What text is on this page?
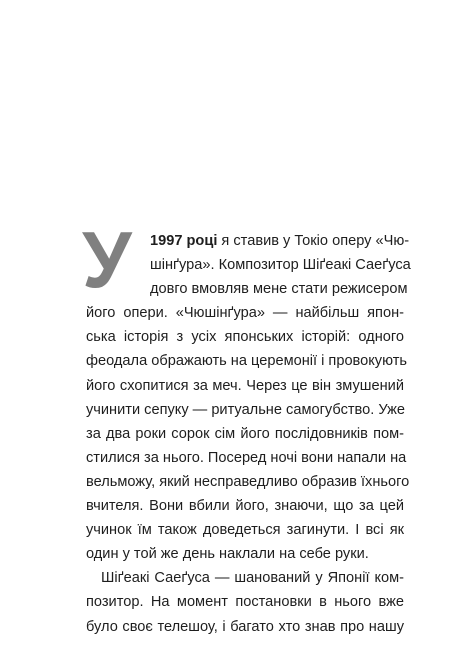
У	1997 році я ставив у Токіо оперу «Чю-
шінґура». Композитор Шіґеакі Саеґуса
довго вмовляв мене стати режисером
його опери. «Чюшінґура» — найбільш япон-
ська історія з усіх японських історій: одного
феодала ображають на церемонії і провокують
його схопитися за меч. Через це він змушений
учинити сепуку — ритуальне самогубство. Уже
за два роки сорок сім його послідовників пом-
стилися за нього. Посеред ночі вони напали на
вельможу, який несправедливо образив їхнього
вчителя. Вони вбили його, знаючи, що за цей
учинок їм також доведеться загинути. І всі як
один у той же день наклали на себе руки.
Шіґеакі Саеґуса — шанований у Японії ком-
позитор. На момент постановки в нього вже
було своє телешоу, і багато хто знав про нашу
